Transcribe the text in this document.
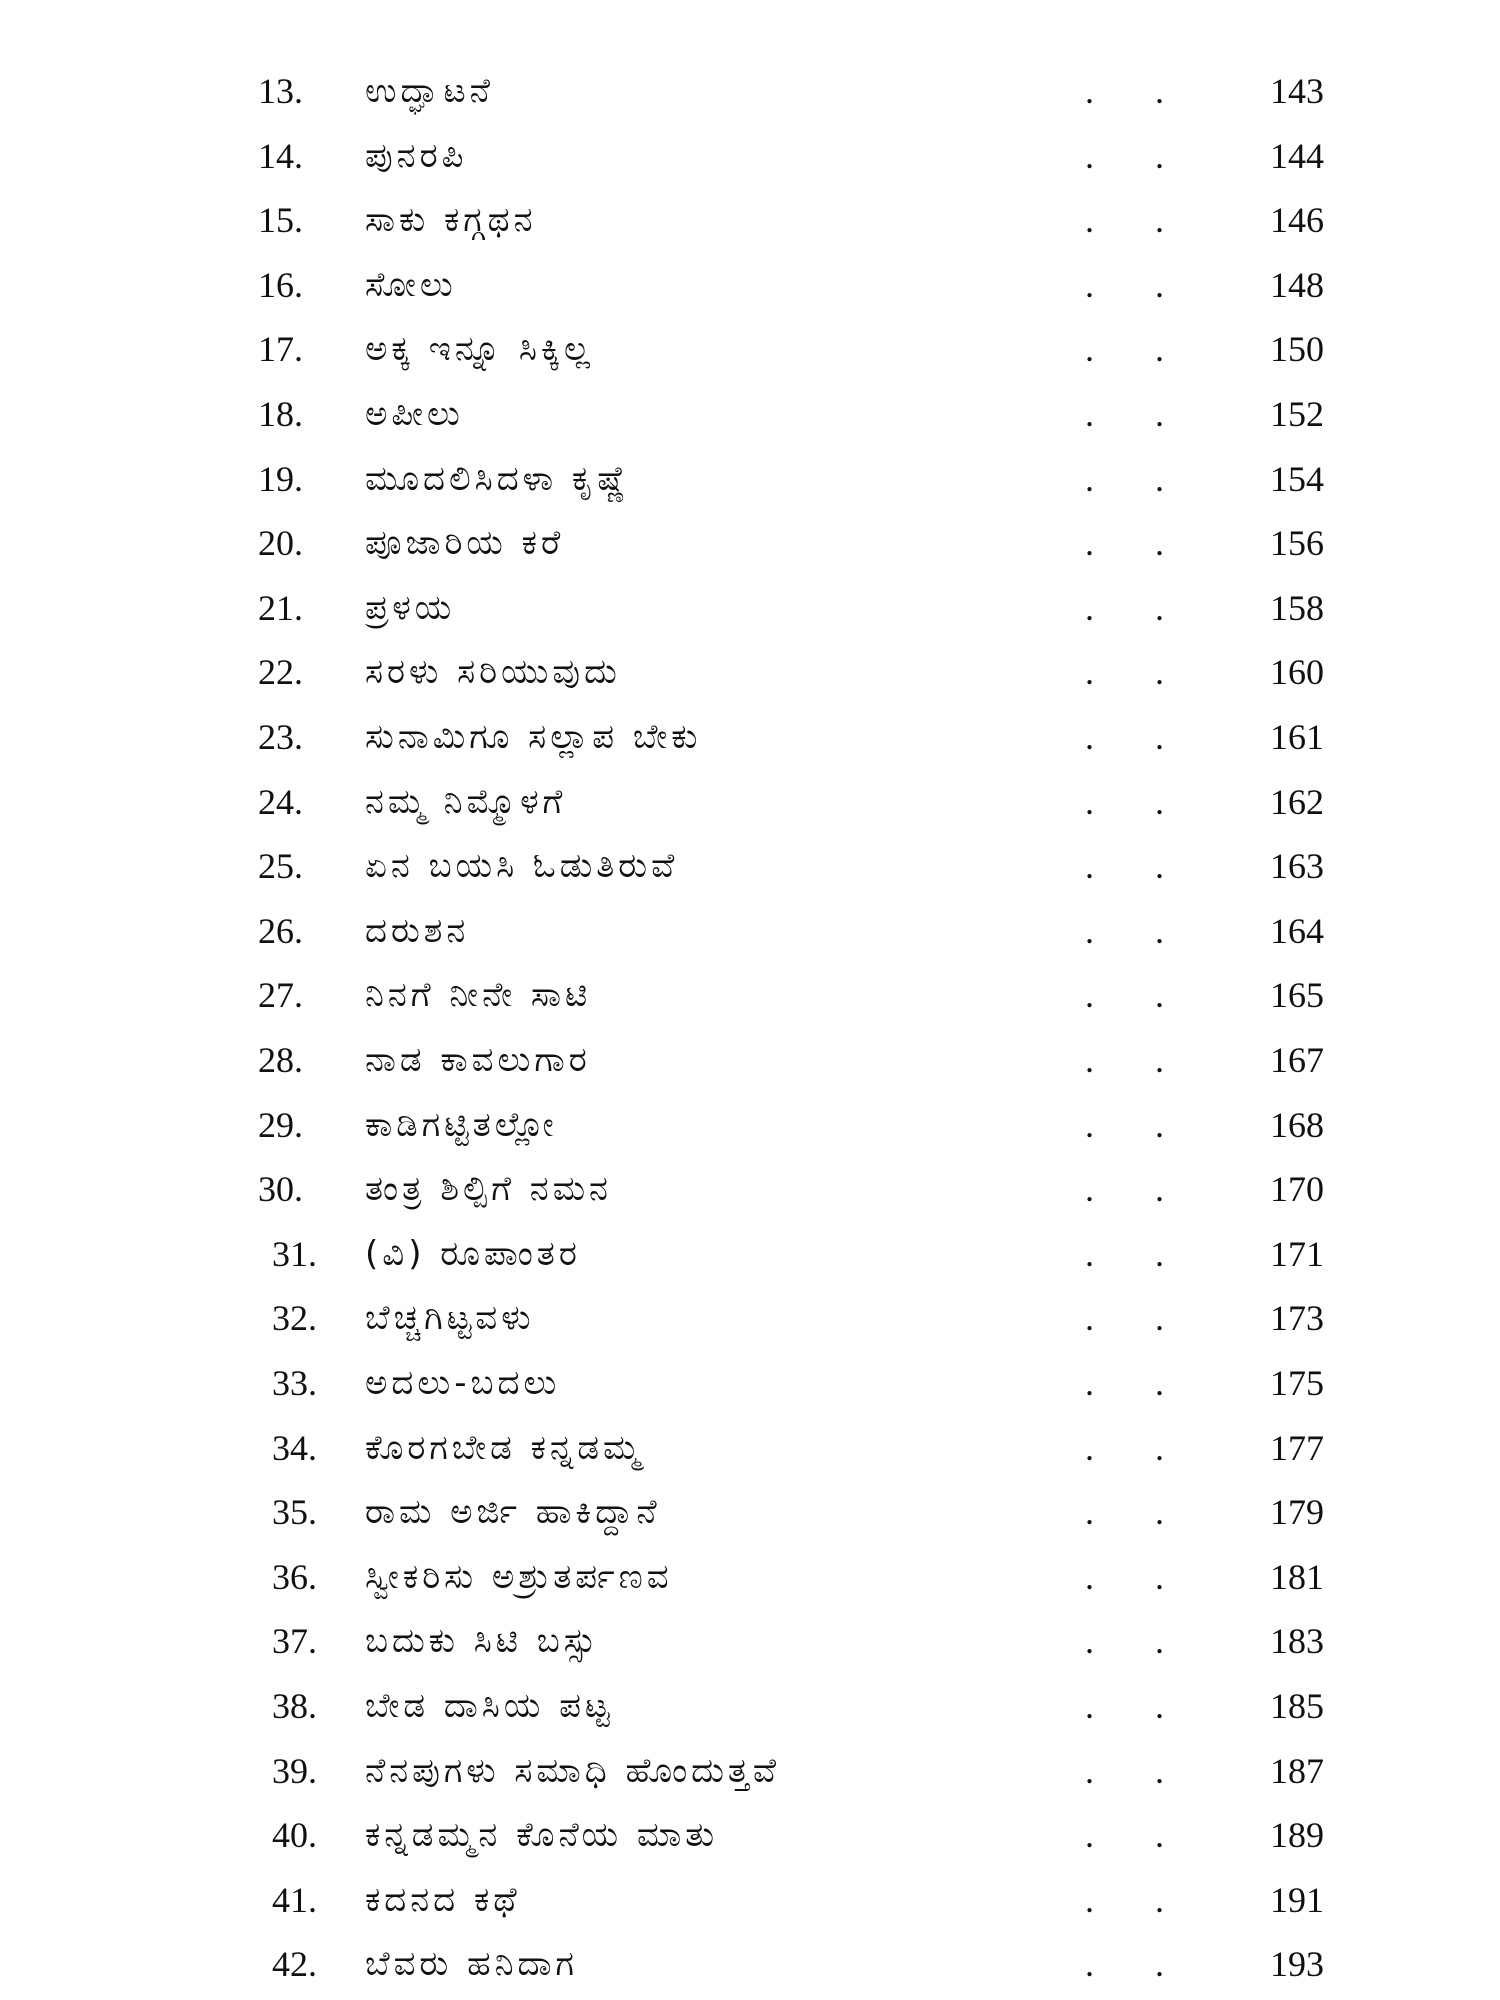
13. ಉದ್ಘಾಟನೆ	. . 143
14. ಪುನರಪಿ	. . 144
15. ಸಾಕು ಕಗ್ಗಥನ	. . 146
16. ಸೋಲು	. . 148
17. ಅಕ್ಕ ಇನ್ನೂ ಸಿಕ್ಕಿಲ್ಲ	. . 150
18. ಅಪೀಲು	. . 152
19. ಮೂದಲಿಸಿದಳಾ ಕೃಷ್ಣೆ	. . 154
20. ಪೂಜಾರಿಯ ಕರೆ	. . 156
21. ಪ್ರಳಯ	. . 158
22. ಸರಳು ಸರಿಯುವುದು	. . 160
23. ಸುನಾಮಿಗೂ ಸಲ್ಲಾಪ ಬೇಕು	. . 161
24. ನಮ್ಮ ನಿಮ್ಮೊಳಗೆ	. . 162
25. ಏನ ಬಯಸಿ ಓಡುತಿರುವೆ	. . 163
26. ದರುಶನ	. . 164
27. ನಿನಗೆ ನೀನೇ ಸಾಟಿ	. . 165
28. ನಾಡ ಕಾವಲುಗಾರ	. . 167
29. ಕಾಡಿಗಟ್ಟಿತಲ್ಲೋ	. . 168
30. ತಂತ್ರ ಶಿಲ್ಪಿಗೆ ನಮನ	. . 170
31. (ವಿ) ರೂಪಾಂತರ	. . 171
32. ಬೆಚ್ಚಗಿಟ್ಟವಳು	. . 173
33. ಅದಲು-ಬದಲು	. . 175
34. ಕೊರಗಬೇಡ ಕನ್ನಡಮ್ಮ	. . 177
35. ರಾಮ ಅರ್ಜಿ ಹಾಕಿದ್ದಾನೆ	. . 179
36. ಸ್ವೀಕರಿಸು ಅಶ್ರುತರ್ಪಣವ	. . 181
37. ಬದುಕು ಸಿಟಿ ಬಸ್ಸು	. . 183
38. ಬೇಡ ದಾಸಿಯ ಪಟ್ಟ	. . 185
39. ನೆನಪುಗಳು ಸಮಾಧಿ ಹೊಂದುತ್ತವೆ	. . 187
40. ಕನ್ನಡಮ್ಮನ ಕೊನೆಯ ಮಾತು	. . 189
41. ಕದನದ ಕಥೆ	. . 191
42. ಬೆವರು ಹನಿದಾಗ	. . 193
